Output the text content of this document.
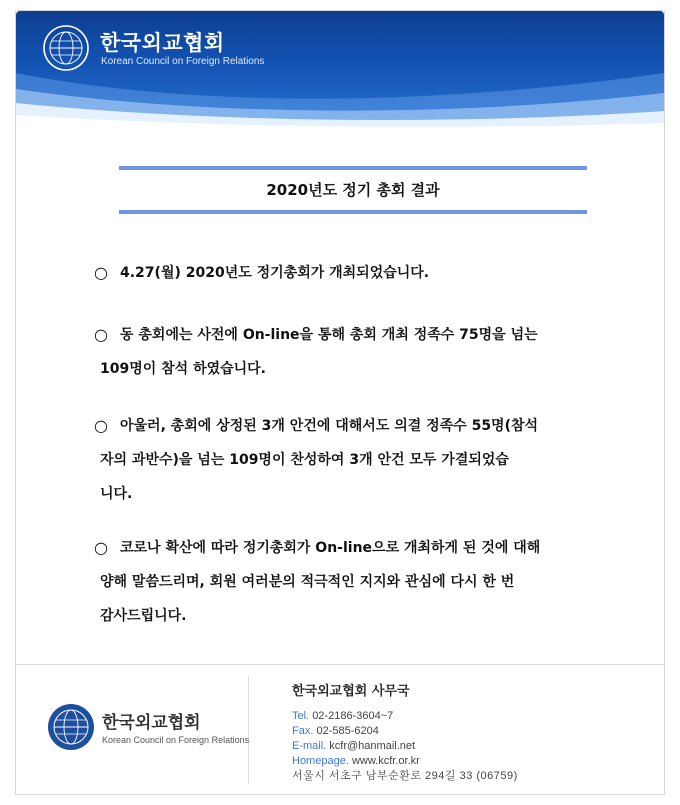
한국외교협회
Korean Council on Foreign Relations
2020년도 정기 총회 결과
○ 4.27(월) 2020년도 정기총회가 개최되었습니다.
○ 동 총회에는 사전에 On-line을 통해 총회 개최 정족수 75명을 넘는
109명이 참석 하였습니다.
○ 아울러, 총회에 상정된 3개 안건에 대해서도 의결 정족수 55명(참석
자의 과반수)을 넘는 109명이 찬성하여 3개 안건 모두 가결되었습
니다.
○ 코로나 확산에 따라 정기총회가 On-line으로 개최하게 된 것에 대해
양해 말씀드리며, 회원 여러분의 적극적인 지지와 관심에 다시 한 번
감사드립니다.
한국외교협회
Korean Council on Foreign Relations
한국외교협회 사무국
Tel. 02-2186-3604~7
Fax. 02-585-6204
E-mail. kcfr@hanmail.net
Homepage. www.kcfr.or.kr
서울시 서초구 남부순환로 294길 33 (06759)
